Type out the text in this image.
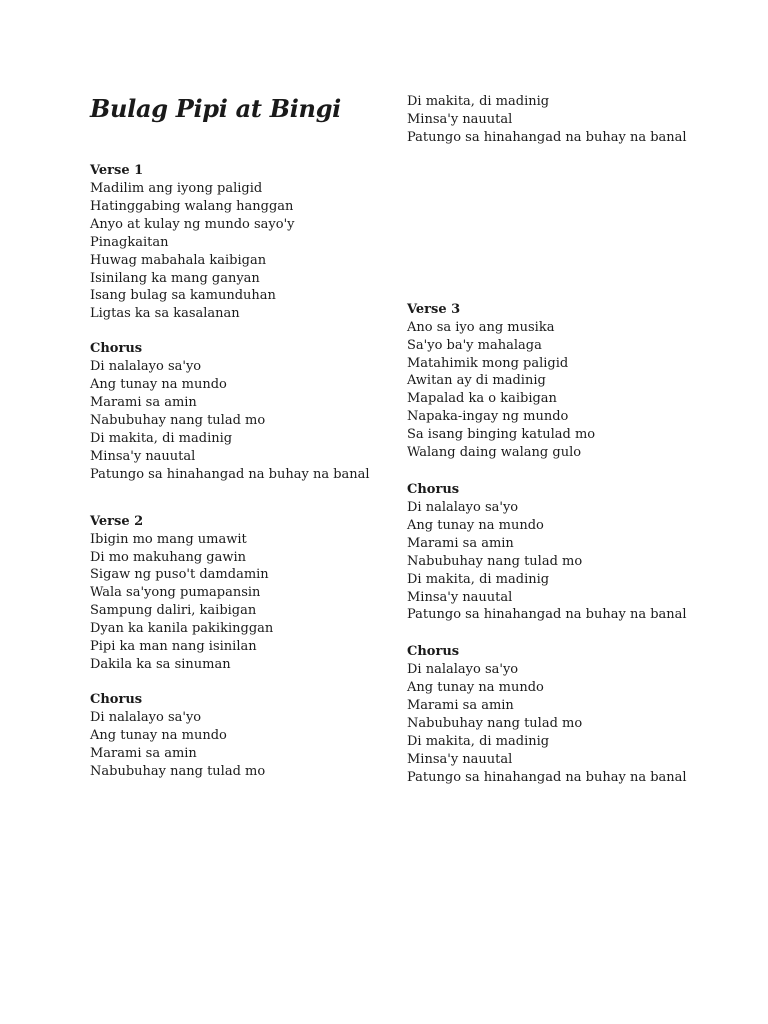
Bulag Pipi at Bingi
Verse 1
Madilim ang iyong paligid
Hatinggabing walang hanggan
Anyo at kulay ng mundo sayo'y
Pinagkaitan
Huwag mabahala kaibigan
Isinilang ka mang ganyan
Isang bulag sa kamunduhan
Ligtas ka sa kasalanan
Chorus
Di nalalayo sa'yo
Ang tunay na mundo
Marami sa amin
Nabubuhay nang tulad mo
Di makita, di madinig
Minsa'y nauutal
Patungo sa hinahangad na buhay na banal
Verse 2
Ibigin mo mang umawit
Di mo makuhang gawin
Sigaw ng puso't damdamin
Wala sa'yong pumapansin
Sampung daliri, kaibigan
Dyan ka kanila pakikinggan
Pipi ka man nang isinilan
Dakila ka sa sinuman
Chorus
Di nalalayo sa'yo
Ang tunay na mundo
Marami sa amin
Nabubuhay nang tulad mo
Di makita, di madinig
Minsa'y nauutal
Patungo sa hinahangad na buhay na banal
Verse 3
Ano sa iyo ang musika
Sa'yo ba'y mahalaga
Matahimik mong paligid
Awitan ay di madinig
Mapalad ka o kaibigan
Napaka-ingay ng mundo
Sa isang binging katulad mo
Walang daing walang gulo
Chorus
Di nalalayo sa'yo
Ang tunay na mundo
Marami sa amin
Nabubuhay nang tulad mo
Di makita, di madinig
Minsa'y nauutal
Patungo sa hinahangad na buhay na banal
Chorus
Di nalalayo sa'yo
Ang tunay na mundo
Marami sa amin
Nabubuhay nang tulad mo
Di makita, di madinig
Minsa'y nauutal
Patungo sa hinahangad na buhay na banal
